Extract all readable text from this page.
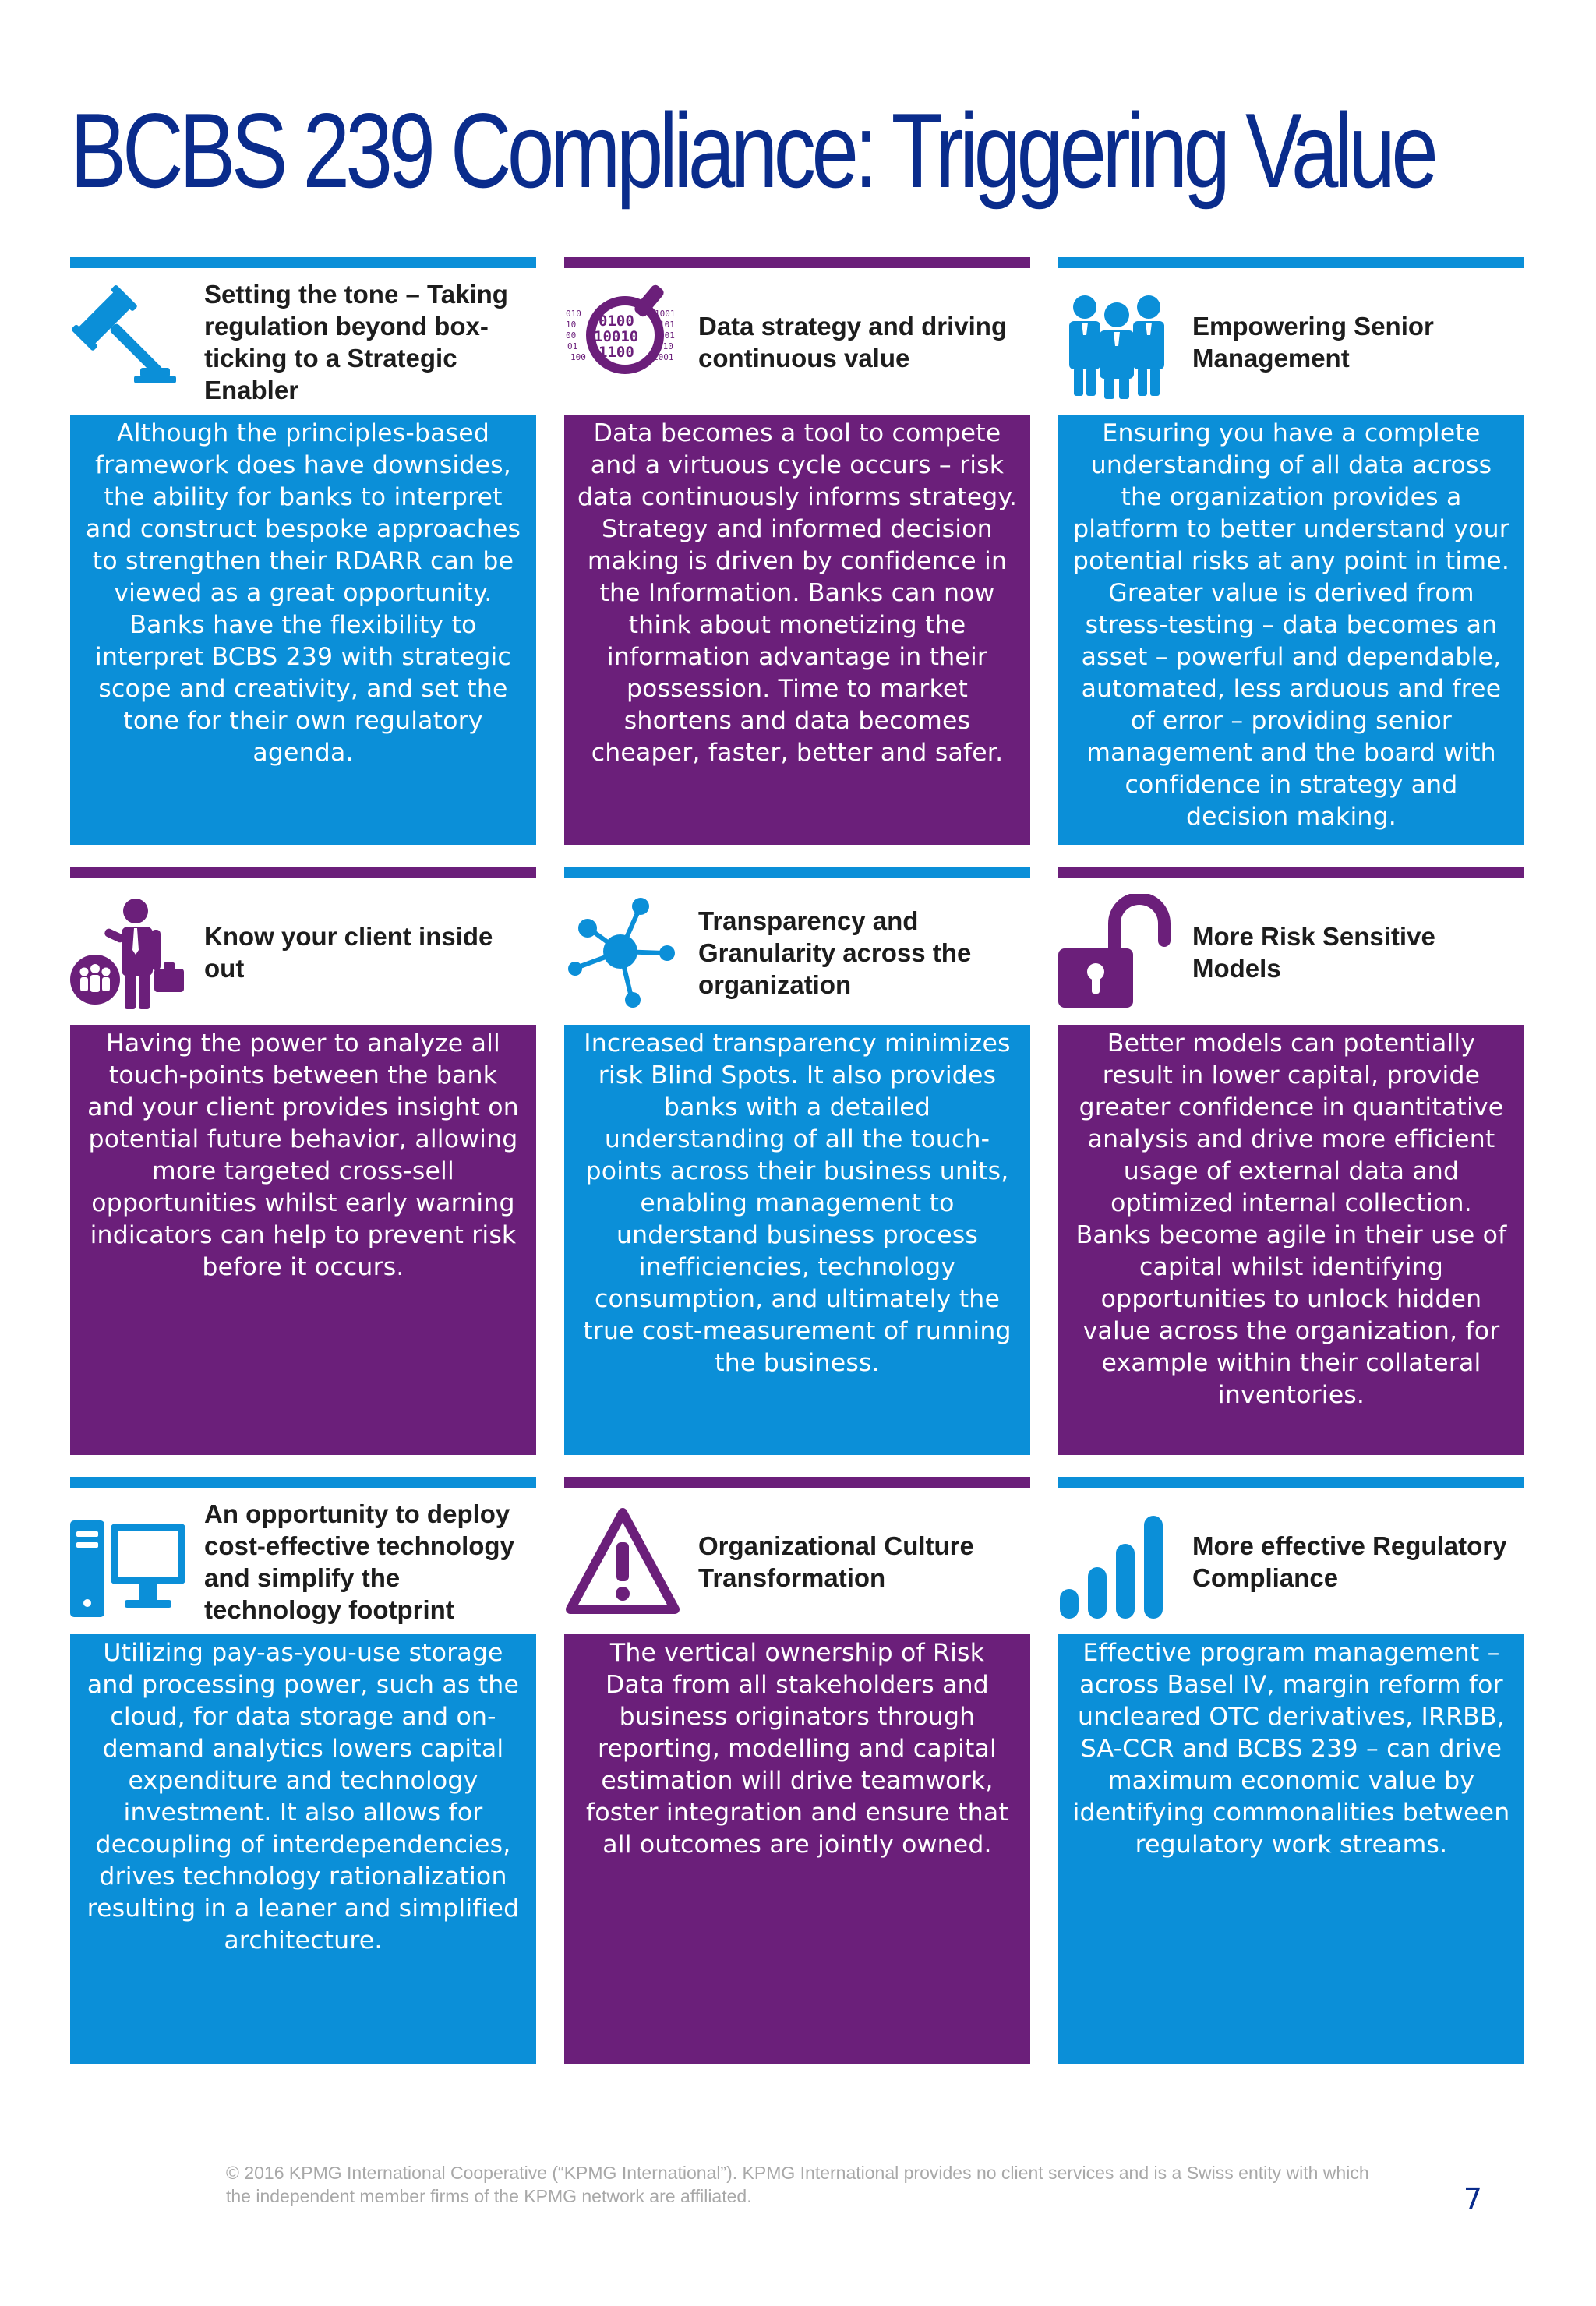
BCBS 239 Compliance: Triggering Value
Setting the tone – Taking regulation beyond box-ticking to a Strategic Enabler
Although the principles-based framework does have downsides, the ability for banks to interpret and construct bespoke approaches to strengthen their RDARR can be viewed as a great opportunity. Banks have the flexibility to interpret BCBS 239 with strategic scope and creativity, and set the tone for their own regulatory agenda.
010	1001
10	101
00	001
01	010
100	1001
0100
10010
1100
Data strategy and driving continuous value
Data becomes a tool to compete and a virtuous cycle occurs – risk data continuously informs strategy. Strategy and informed decision making is driven by confidence in the Information. Banks can now think about monetizing the information advantage in their possession. Time to market shortens and data becomes cheaper, faster, better and safer.
Empowering Senior Management
Ensuring you have a complete understanding of all data across the organization provides a platform to better understand your potential risks at any point in time. Greater value is derived from stress-testing – data becomes an asset – powerful and dependable, automated, less arduous and free of error – providing senior management and the board with confidence in strategy and decision making.
Know your client inside out
Having the power to analyze all touch-points between the bank and your client provides insight on potential future behavior, allowing more targeted cross-sell opportunities whilst early warning indicators can help to prevent risk before it occurs.
Transparency and Granularity across the organization
Increased transparency minimizes risk Blind Spots. It also provides banks with a detailed understanding of all the touch-points across their business units, enabling management to understand business process inefficiencies, technology consumption, and ultimately the true cost-measurement of running the business.
More Risk Sensitive Models
Better models can potentially result in lower capital, provide greater confidence in quantitative analysis and drive more efficient usage of external data and optimized internal collection. Banks become agile in their use of capital whilst identifying opportunities to unlock hidden value across the organization, for example within their collateral inventories.
An opportunity to deploy cost-effective technology and simplify the technology footprint
Utilizing pay-as-you-use storage and processing power, such as the cloud, for data storage and on-demand analytics lowers capital expenditure and technology investment. It also allows for decoupling of interdependencies, drives technology rationalization resulting in a leaner and simplified architecture.
Organizational Culture Transformation
The vertical ownership of Risk Data from all stakeholders and business originators through reporting, modelling and capital estimation will drive teamwork, foster integration and ensure that all outcomes are jointly owned.
More effective Regulatory Compliance
Effective program management – across Basel IV, margin reform for uncleared OTC derivatives, IRRBB, SA-CCR and BCBS 239 – can drive maximum economic value by identifying commonalities between regulatory work streams.
© 2016 KPMG International Cooperative (“KPMG International”). KPMG International provides no client services and is a Swiss entity with which the independent member firms of the KPMG network are affiliated.	7
